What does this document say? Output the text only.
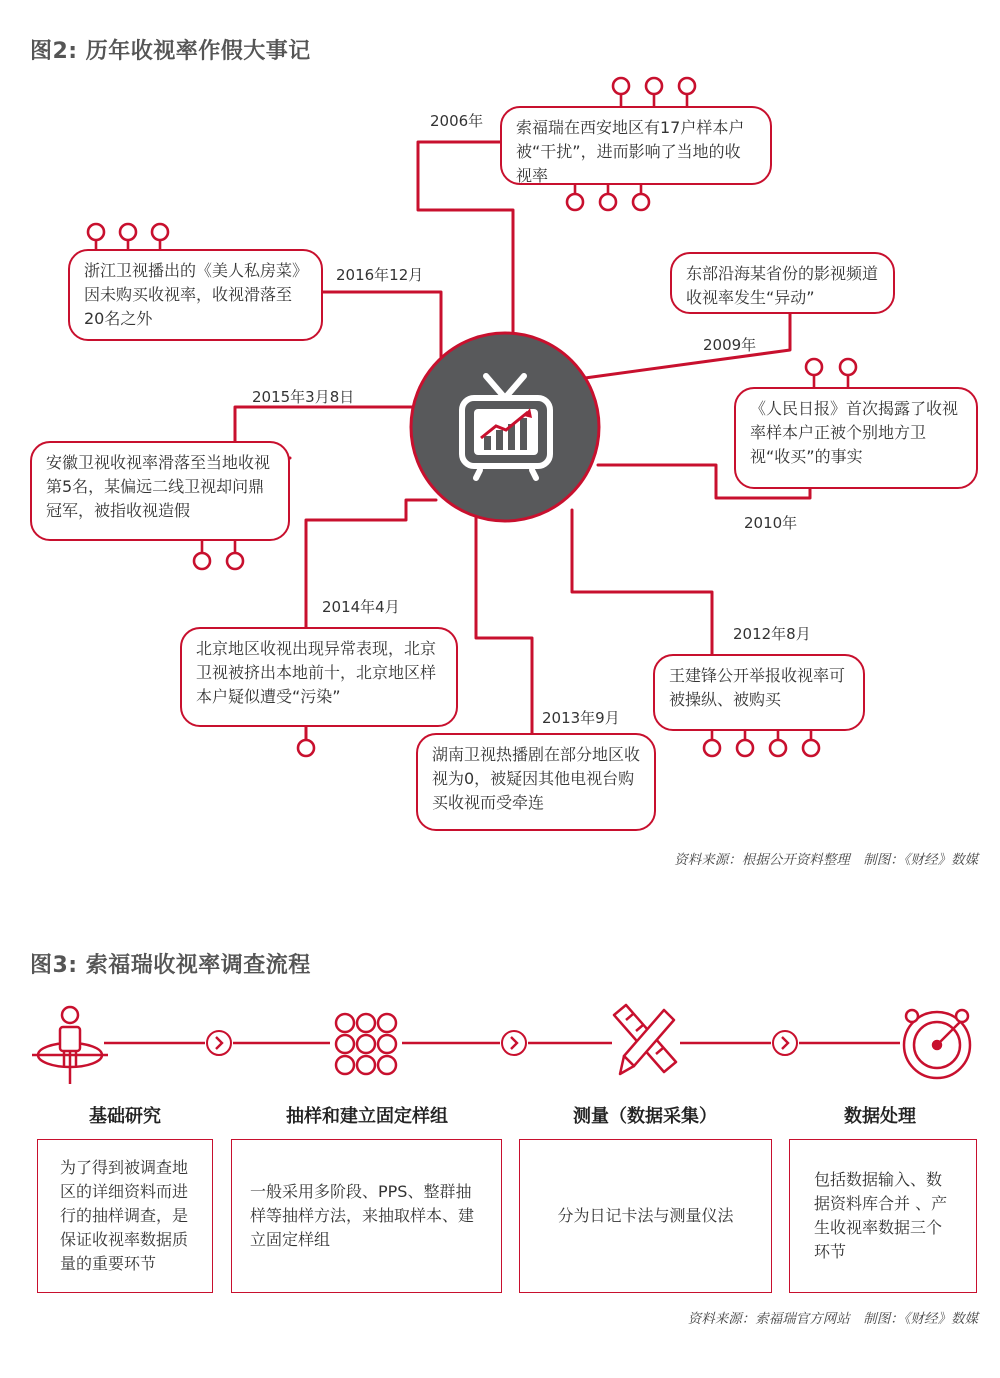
图2: 历年收视率作假大事记
索福瑞在西安地区有17户样本户被“干扰”，进而影响了当地的收视率
东部沿海某省份的影视频道收视率发生“异动”
《人民日报》首次揭露了收视率样本户正被个别地方卫视“收买”的事实
王建锋公开举报收视率可被操纵、被购买
湖南卫视热播剧在部分地区收视为0，被疑因其他电视台购买收视而受牵连
北京地区收视出现异常表现，北京卫视被挤出本地前十，北京地区样本户疑似遭受“污染”
安徽卫视收视率滑落至当地收视第5名，某偏远二线卫视却问鼎冠军，被指收视造假
浙江卫视播出的《美人私房菜》因未购买收视率，收视滑落至20名之外
2006年
2009年
2010年
2012年8月
2013年9月
2014年4月
2015年3月8日
2016年12月
资料来源：根据公开资料整理　制图：《财经》数媒
图3: 索福瑞收视率调查流程
基础研究	抽样和建立固定样组	测量（数据采集）	数据处理
为了得到被调查地区的详细资料而进行的抽样调查，是保证收视率数据质量的重要环节
一般采用多阶段、PPS、整群抽样等抽样方法，来抽取样本、建立固定样组
分为日记卡法与测量仪法
包括数据输入、数据资料库合并 、产生收视率数据三个环节
资料来源：索福瑞官方网站　制图：《财经》数媒
